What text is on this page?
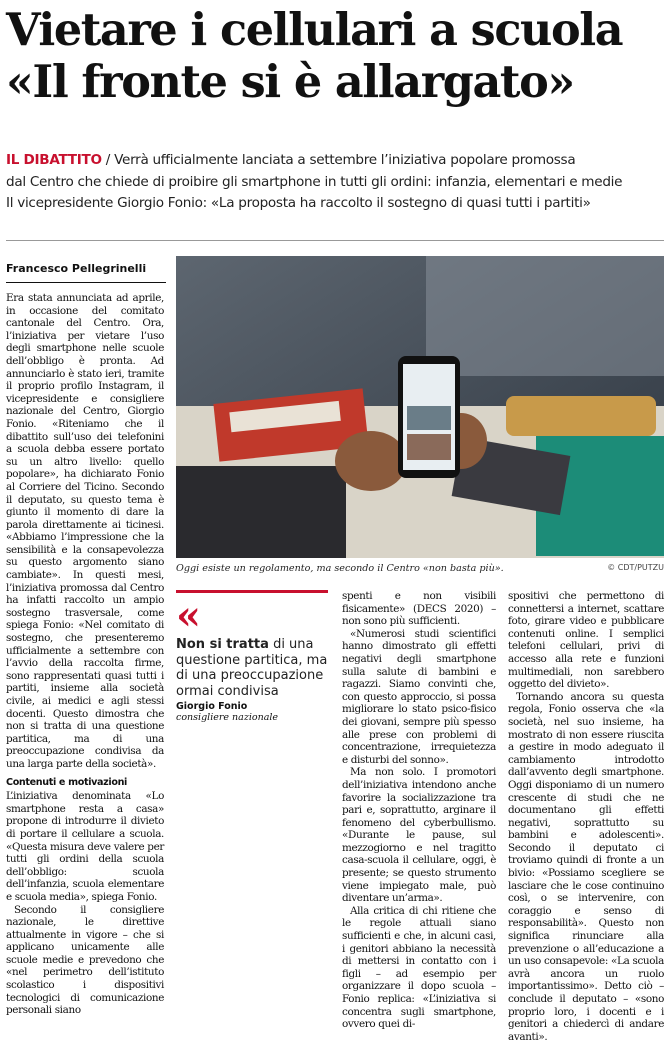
Vietare i cellulari a scuola
«Il fronte si è allargato»

IL DIBATTITO / Verrà ufficialmente lanciata a settembre l’iniziativa popolare promossa

dal Centro che chiede di proibire gli smartphone in tutti gli ordini: infanzia, elementari e medie

Il vicepresidente Giorgio Fonio: «La proposta ha raccolto il sostegno di quasi tutti i partiti»

Francesco Pellegrinelli

Era stata annunciata ad aprile, in occasione del comitato cantonale del Centro. Ora, l’iniziativa per vietare l’uso degli smartphone nelle scuole dell’obbligo è pronta. Ad annunciarlo è stato ieri, tramite il proprio profilo Instagram, il vicepresidente e consigliere nazionale del Centro, Giorgio Fonio. «Riteniamo che il dibattito sull’uso dei telefonini a scuola debba essere portato su un altro livello: quello popolare», ha dichiarato Fonio al Corriere del Ticino. Secondo il deputato, su questo tema è giunto il momento di dare la parola direttamente ai ticinesi. «Abbiamo l’impressione che la sensibilità e la consapevolezza su questo argomento siano cambiate». In questi mesi, l’iniziativa promossa dal Centro ha infatti raccolto un ampio sostegno trasversale, come spiega Fonio: «Nel comitato di sostegno, che presenteremo ufficialmente a settembre con l’avvio della raccolta firme, sono rappresentati quasi tutti i partiti, insieme alla società civile, ai medici e agli stessi docenti. Questo dimostra che non si tratta di una questione partitica, ma di una preoccupazione condivisa da una larga parte della società».

Contenuti e motivazioni

L’iniziativa denominata «Lo smartphone resta a casa» propone di introdurre il divieto di portare il cellulare a scuola. «Questa misura deve valere per tutti gli ordini della scuola dell’obbligo: scuola dell’infanzia, scuola elementare e scuola media», spiega Fonio.

Secondo il consigliere nazionale, le direttive attualmente in vigore – che si applicano unicamente alle scuole medie e prevedono che «nel perimetro dell’istituto scolastico i dispositivi tecnologici di comunicazione personali siano

Oggi esiste un regolamento, ma secondo il Centro «non basta più».	© CDT/PUTZU
«
Non si tratta di una questione partitica, ma di una preoccupazione ormai condivisa
Giorgio Fonio
consigliere nazionale

spenti e non visibili fisicamente» (DECS 2020) – non sono più sufficienti.

«Numerosi studi scientifici hanno dimostrato gli effetti negativi degli smartphone sulla salute di bambini e ragazzi. Siamo convinti che, con questo approccio, si possa migliorare lo stato psico-fisico dei giovani, sempre più spesso alle prese con problemi di concentrazione, irrequietezza e disturbi del sonno».

Ma non solo. I promotori dell’iniziativa intendono anche favorire la socializzazione tra pari e, soprattutto, arginare il fenomeno del cyberbullismo. «Durante le pause, sul mezzogiorno e nel tragitto casa-scuola il cellulare, oggi, è presente; se questo strumento viene impiegato male, può diventare un’arma».

Alla critica di chi ritiene che le regole attuali siano sufficienti e che, in alcuni casi, i genitori abbiano la necessità di mettersi in contatto con i figli – ad esempio per organizzare il dopo scuola – Fonio replica: «L’iniziativa si concentra sugli smartphone, ovvero quei di-

spositivi che permettono di connettersi a internet, scattare foto, girare video e pubblicare contenuti online. I semplici telefoni cellulari, privi di accesso alla rete e funzioni multimediali, non sarebbero oggetto del divieto».

Tornando ancora su questa regola, Fonio osserva che «la società, nel suo insieme, ha mostrato di non essere riuscita a gestire in modo adeguato il cambiamento introdotto dall’avvento degli smartphone. Oggi disponiamo di un numero crescente di studi che ne documentano gli effetti negativi, soprattutto su bambini e adolescenti». Secondo il deputato ci troviamo quindi di fronte a un bivio: «Possiamo scegliere se lasciare che le cose continuino così, o se intervenire, con coraggio e senso di responsabilità». Questo non significa rinunciare alla prevenzione o all’educazione a un uso consapevole: «La scuola avrà ancora un ruolo importantissimo». Detto ciò – conclude il deputato – «sono proprio loro, i docenti e i genitori a chiedercì di andare avanti».
